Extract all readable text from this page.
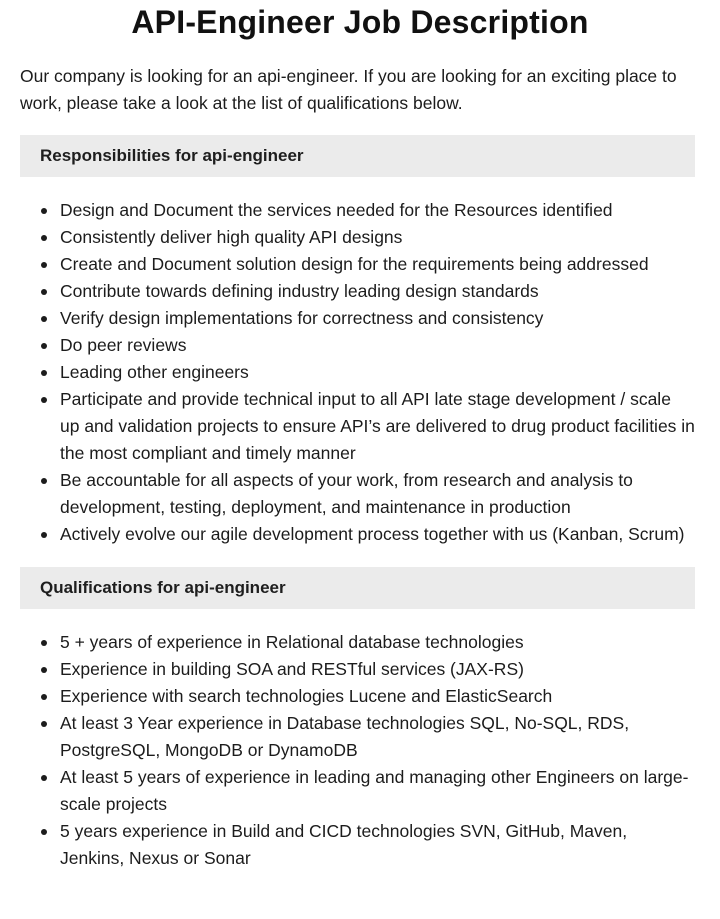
API-Engineer Job Description

Our company is looking for an api-engineer. If you are looking for an exciting place to work, please take a look at the list of qualifications below.

Responsibilities for api-engineer
Design and Document the services needed for the Resources identified
Consistently deliver high quality API designs
Create and Document solution design for the requirements being addressed
Contribute towards defining industry leading design standards
Verify design implementations for correctness and consistency
Do peer reviews
Leading other engineers
Participate and provide technical input to all API late stage development / scale up and validation projects to ensure API’s are delivered to drug product facilities in the most compliant and timely manner
Be accountable for all aspects of your work, from research and analysis to development, testing, deployment, and maintenance in production
Actively evolve our agile development process together with us (Kanban, Scrum)
Qualifications for api-engineer
5 + years of experience in Relational database technologies
Experience in building SOA and RESTful services (JAX-RS)
Experience with search technologies Lucene and ElasticSearch
At least 3 Year experience in Database technologies SQL, No-SQL, RDS, PostgreSQL, MongoDB or DynamoDB
At least 5 years of experience in leading and managing other Engineers on large-scale projects
5 years experience in Build and CICD technologies SVN, GitHub, Maven, Jenkins, Nexus or Sonar
